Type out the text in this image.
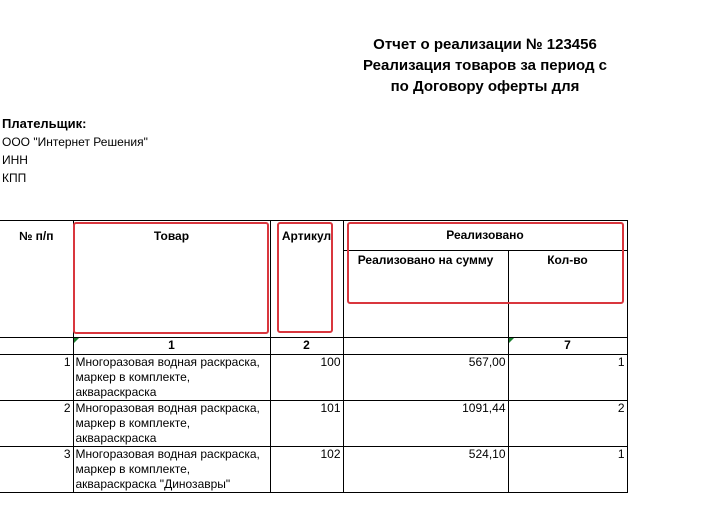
Отчет о реализации № 123456
Реализация товаров за период с
по Договору оферты для
Плательщик:
ООО "Интернет Решения"
ИНН
КПП
№ п/п	Товар	Артикул	Реализовано	
			Реализовано на сумму	Кол-во
	1	2		7
1	Многоразовая водная раскраска, маркер в комплекте, акварaскраска	100	567,00	1
2	Многоразовая водная раскраска, маркер в комплекте, акварaскраска	101	1091,44	2
3	Многоразовая водная раскраска, маркер в комплекте, акварaскраска "Динозавры"	102	524,10	1
